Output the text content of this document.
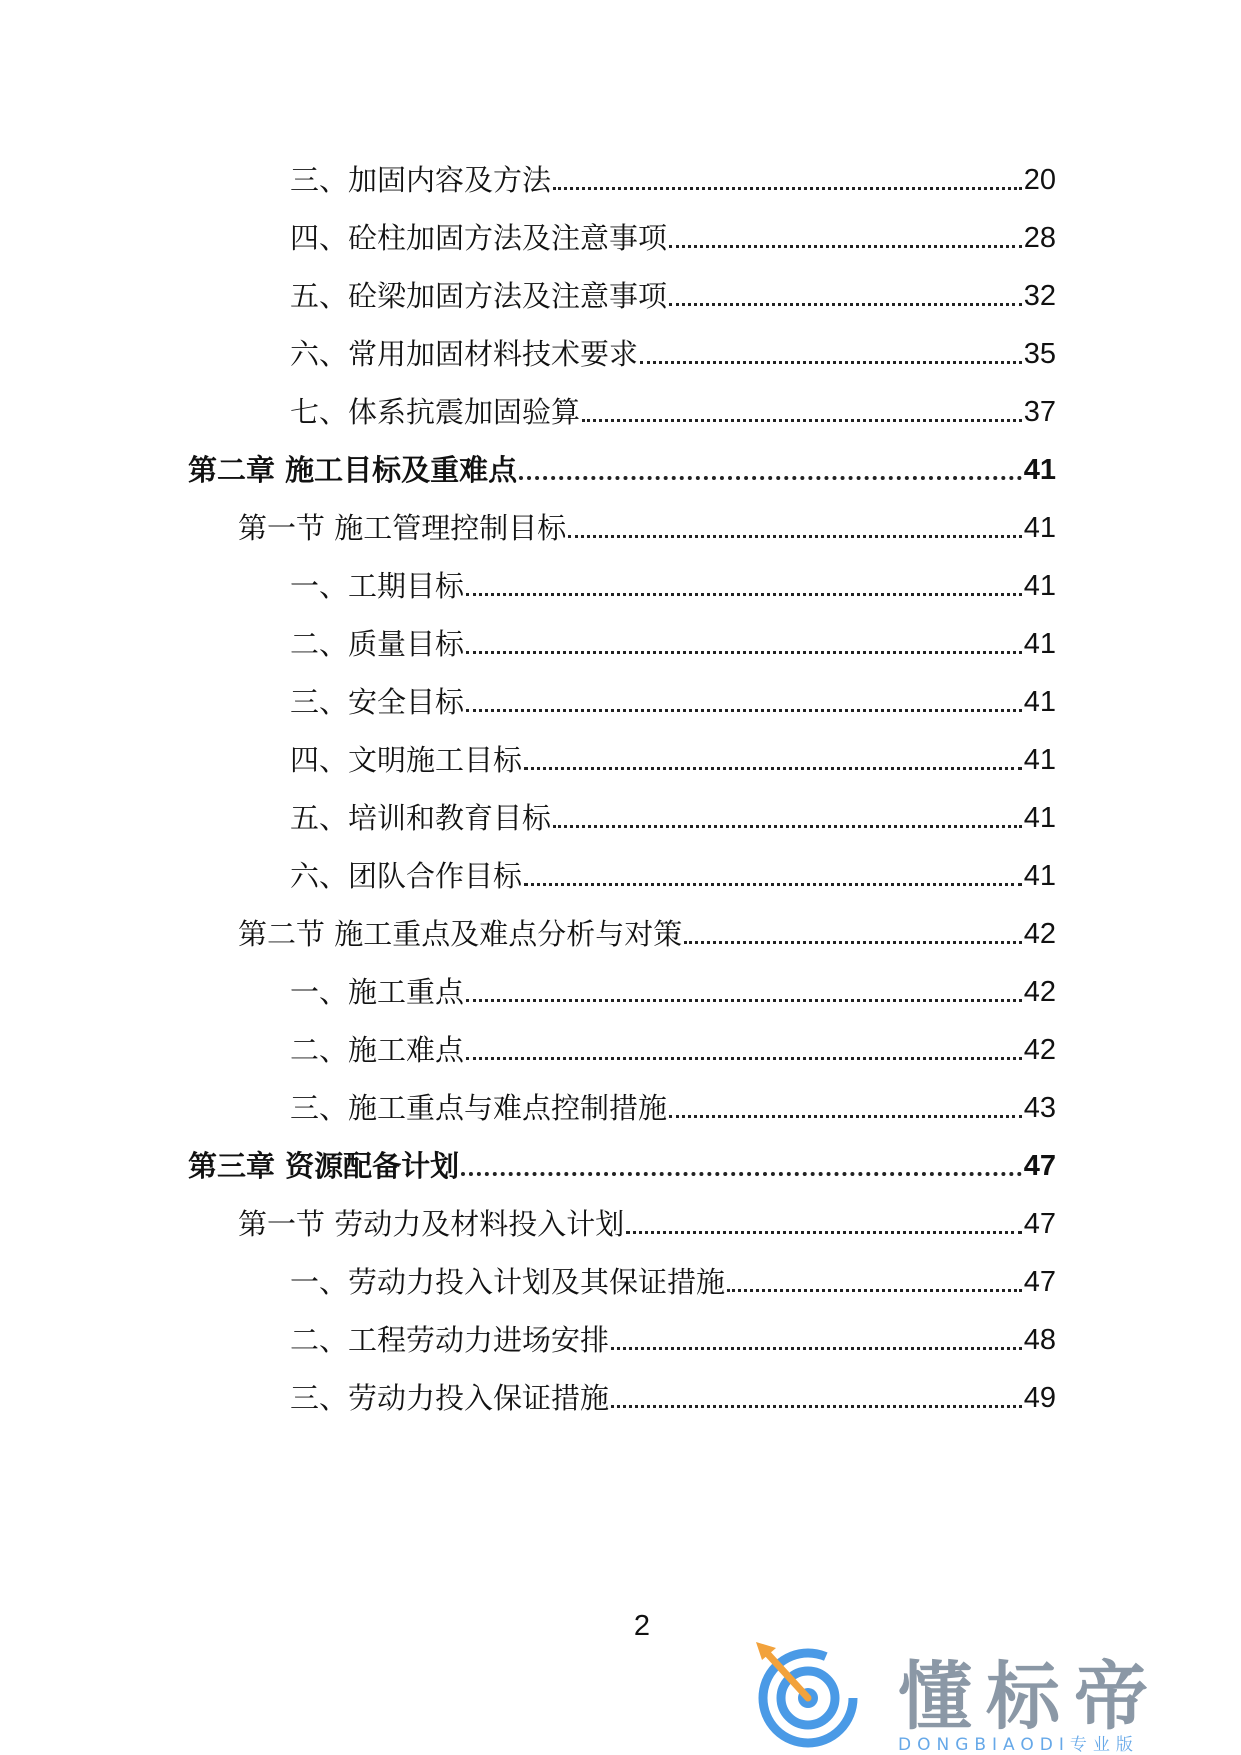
三、加固内容及方法	20
四、砼柱加固方法及注意事项	28
五、砼梁加固方法及注意事项	32
六、常用加固材料技术要求	35
七、体系抗震加固验算	37
第二章 施工目标及重难点	41
第一节 施工管理控制目标	41
一、工期目标	41
二、质量目标	41
三、安全目标	41
四、文明施工目标	41
五、培训和教育目标	41
六、团队合作目标	41
第二节 施工重点及难点分析与对策	42
一、施工重点	42
二、施工难点	42
三、施工重点与难点控制措施	43
第三章 资源配备计划	47
第一节 劳动力及材料投入计划	47
一、劳动力投入计划及其保证措施	47
二、工程劳动力进场安排	48
三、劳动力投入保证措施	49
2
懂标帝
DONGBIAODI专业版
